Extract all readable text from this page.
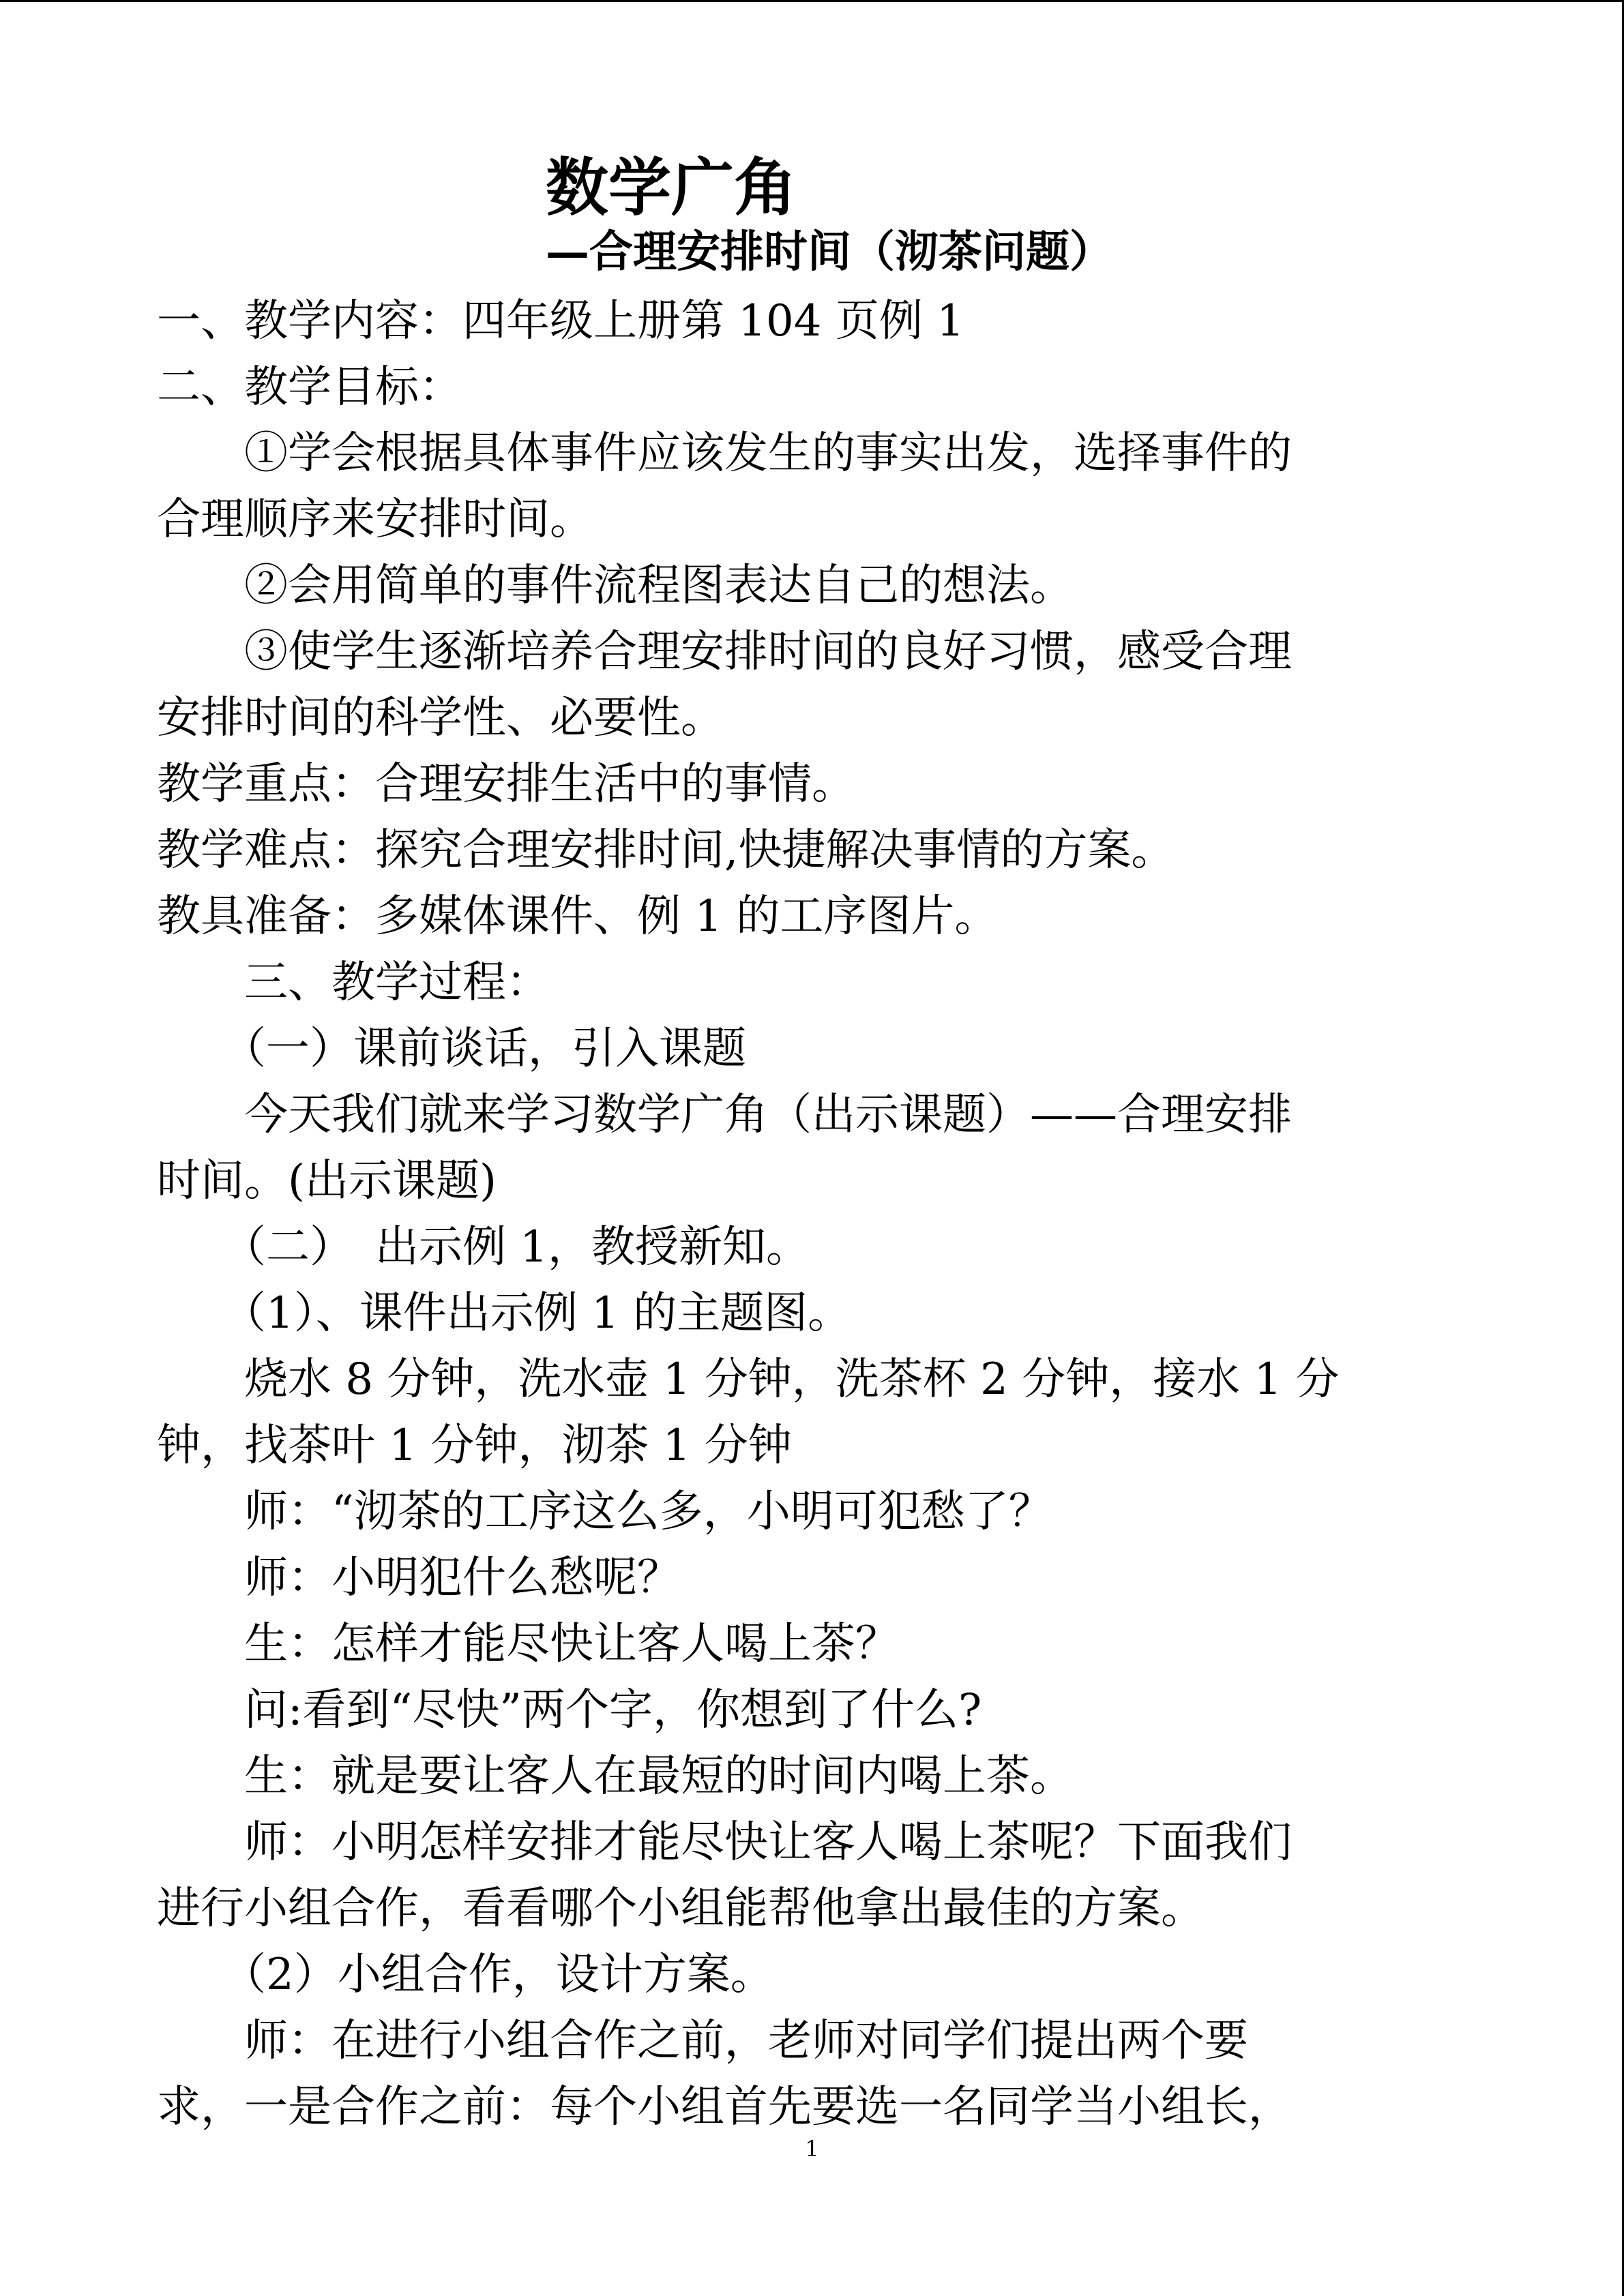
数学广角
—合理安排时间（沏茶问题）
一、教学内容：四年级上册第 104 页例 1
二、教学目标：
　　①学会根据具体事件应该发生的事实出发，选择事件的
合理顺序来安排时间。
　　②会用简单的事件流程图表达自己的想法。
　　③使学生逐渐培养合理安排时间的良好习惯，感受合理
安排时间的科学性、必要性。
教学重点：合理安排生活中的事情。
教学难点：探究合理安排时间,快捷解决事情的方案。
教具准备：多媒体课件、例 1 的工序图片。
　　三、教学过程：
　　（一）课前谈话，引入课题
　　今天我们就来学习数学广角（出示课题）——合理安排
时间。(出示课题)
　　（二）　出示例 1，教授新知。
　　（1）、课件出示例 1 的主题图。
　　烧水 8 分钟，洗水壶 1 分钟，洗茶杯 2 分钟，接水 1 分
钟，找茶叶 1 分钟，沏茶 1 分钟
　　师：“沏茶的工序这么多，小明可犯愁了？
　　师：小明犯什么愁呢？
　　生：怎样才能尽快让客人喝上茶？
　　问:看到“尽快”两个字，你想到了什么?
　　生：就是要让客人在最短的时间内喝上茶。
　　师：小明怎样安排才能尽快让客人喝上茶呢？下面我们
进行小组合作，看看哪个小组能帮他拿出最佳的方案。
　　（2）小组合作，设计方案。
　　师：在进行小组合作之前，老师对同学们提出两个要
求，一是合作之前：每个小组首先要选一名同学当小组长，
1
